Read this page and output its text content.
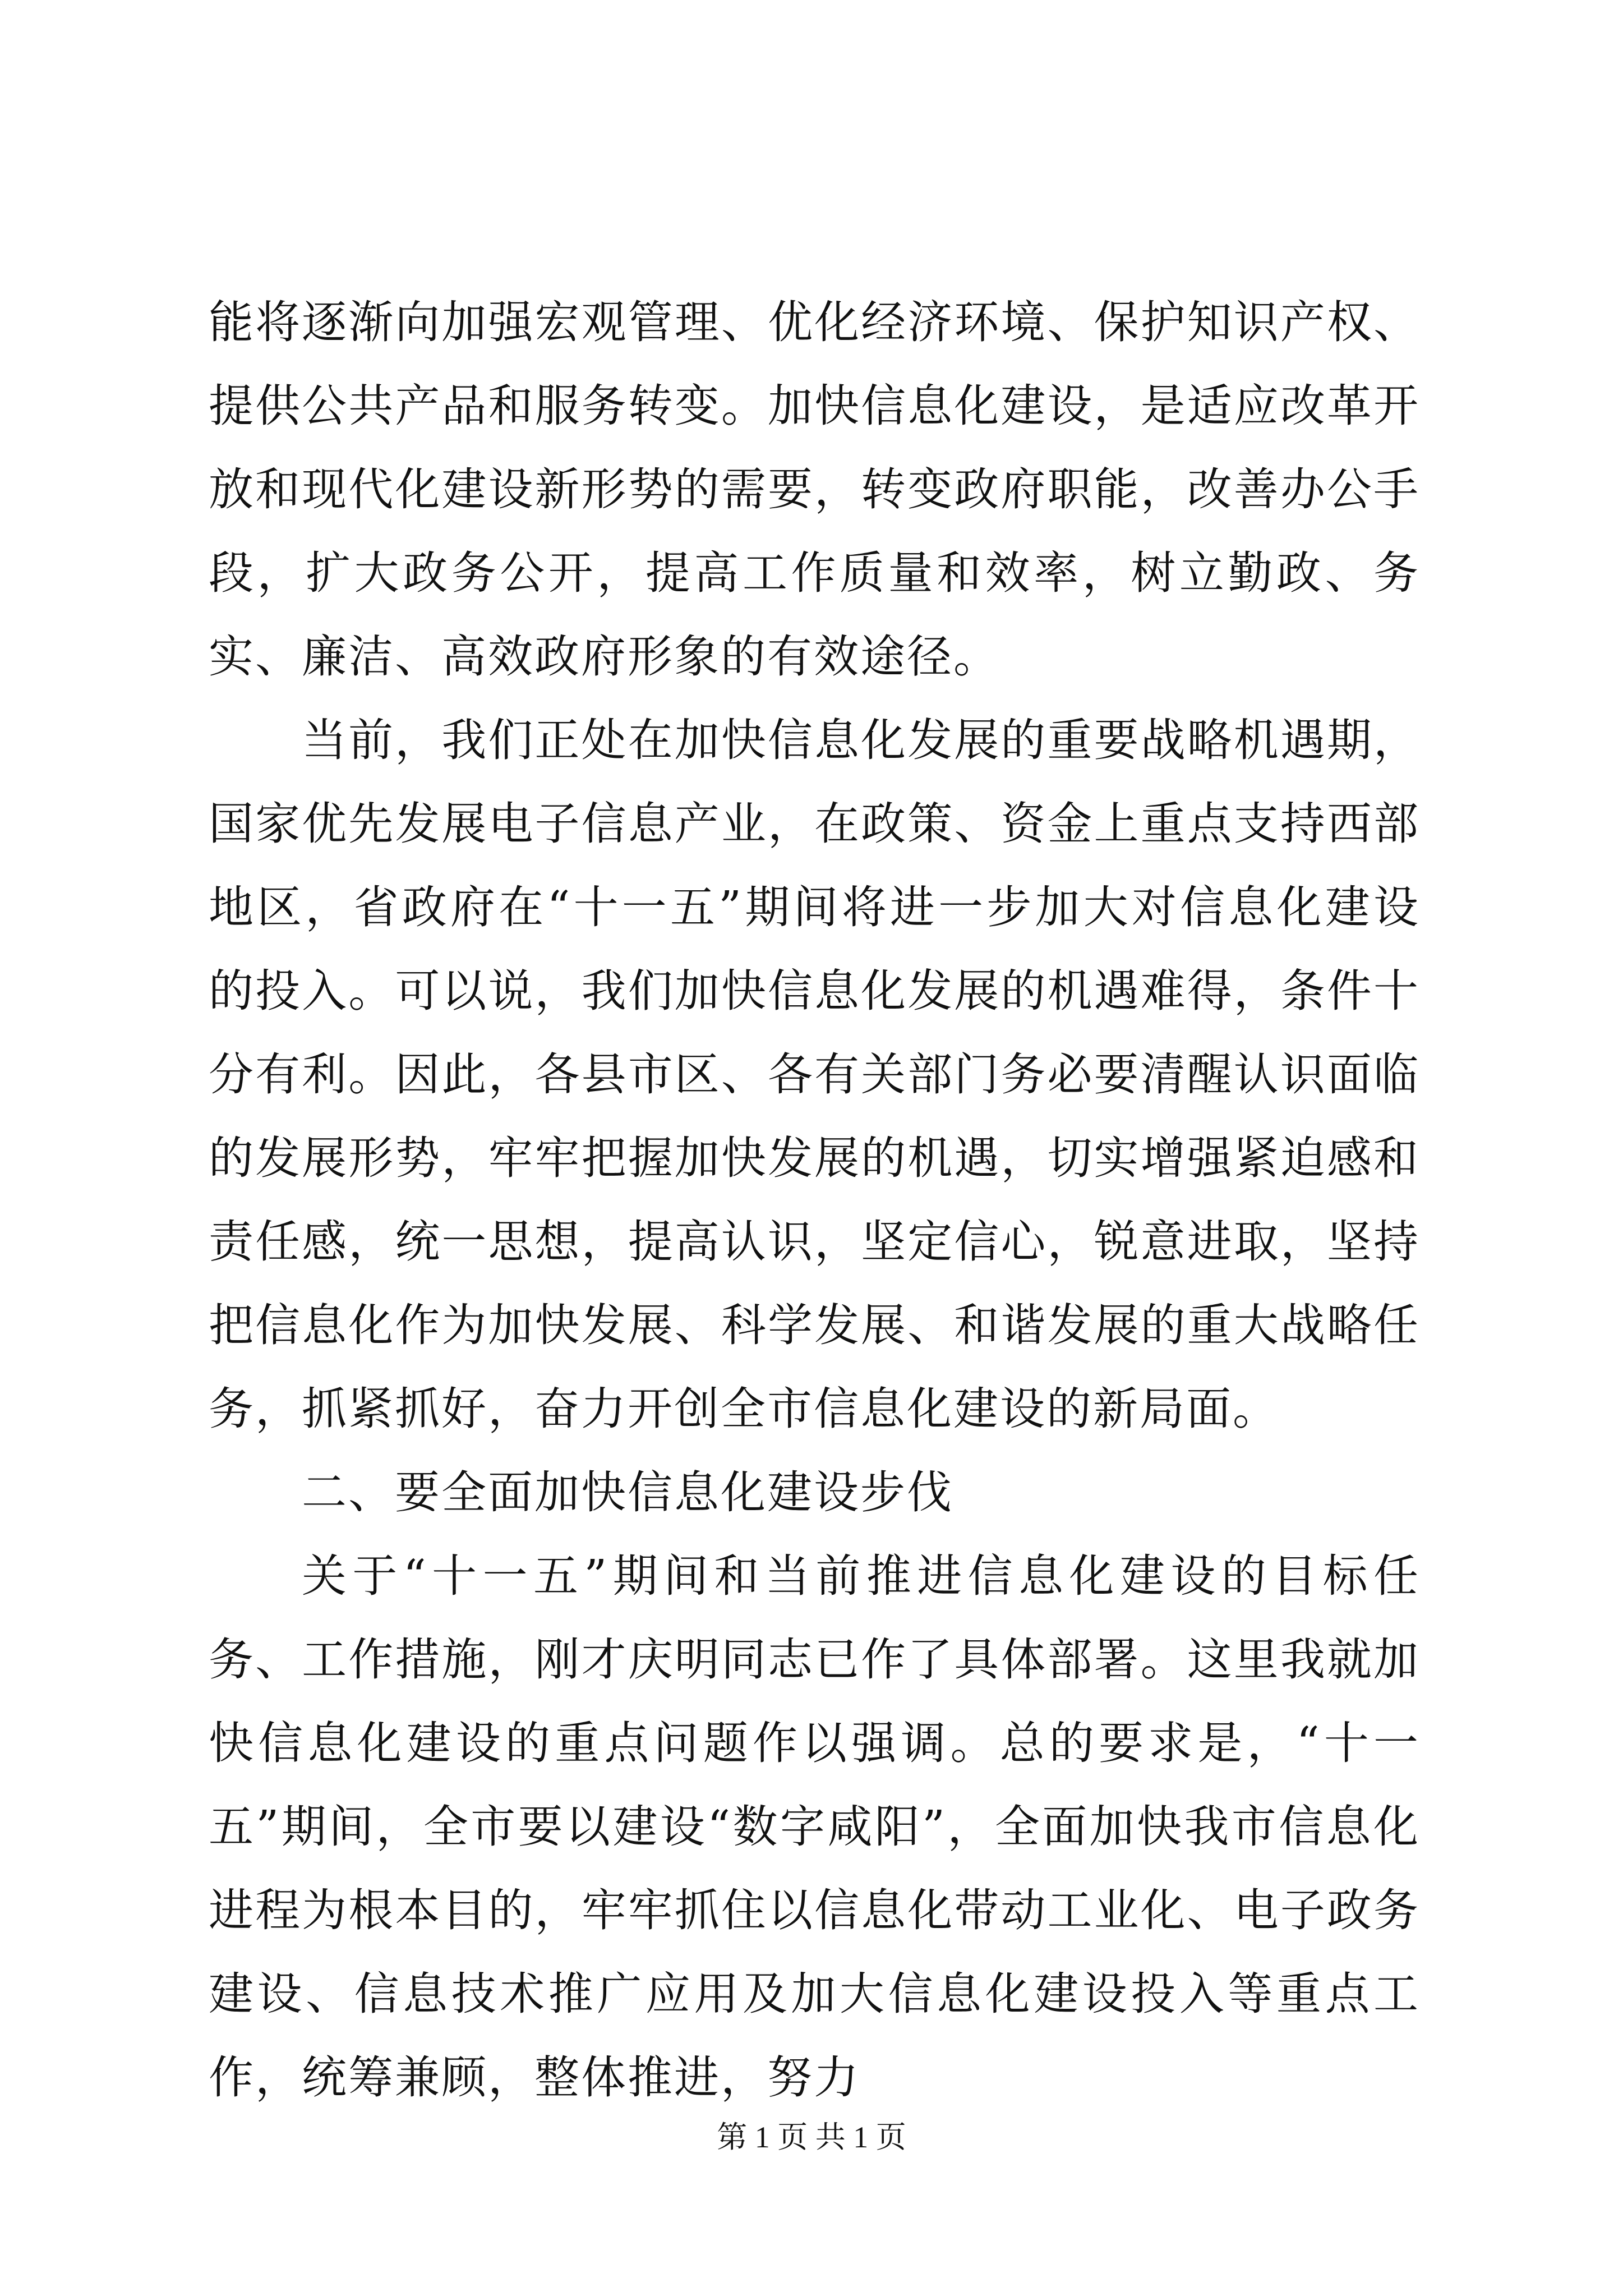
能将逐渐向加强宏观管理、优化经济环境、保护知识产权、提供公共产品和服务转变。加快信息化建设，是适应改革开放和现代化建设新形势的需要，转变政府职能，改善办公手段，扩大政务公开，提高工作质量和效率，树立勤政、务实、廉洁、高效政府形象的有效途径。

当前，我们正处在加快信息化发展的重要战略机遇期，国家优先发展电子信息产业，在政策、资金上重点支持西部地区，省政府在“十一五”期间将进一步加大对信息化建设的投入。可以说，我们加快信息化发展的机遇难得，条件十分有利。因此，各县市区、各有关部门务必要清醒认识面临的发展形势，牢牢把握加快发展的机遇，切实增强紧迫感和责任感，统一思想，提高认识，坚定信心，锐意进取，坚持把信息化作为加快发展、科学发展、和谐发展的重大战略任务，抓紧抓好，奋力开创全市信息化建设的新局面。

二、要全面加快信息化建设步伐

关于“十一五”期间和当前推进信息化建设的目标任务、工作措施，刚才庆明同志已作了具体部署。这里我就加快信息化建设的重点问题作以强调。总的要求是，“十一五”期间，全市要以建设“数字咸阳”，全面加快我市信息化进程为根本目的，牢牢抓住以信息化带动工业化、电子政务建设、信息技术推广应用及加大信息化建设投入等重点工作，统筹兼顾，整体推进，努力

第 1 页 共 1 页
